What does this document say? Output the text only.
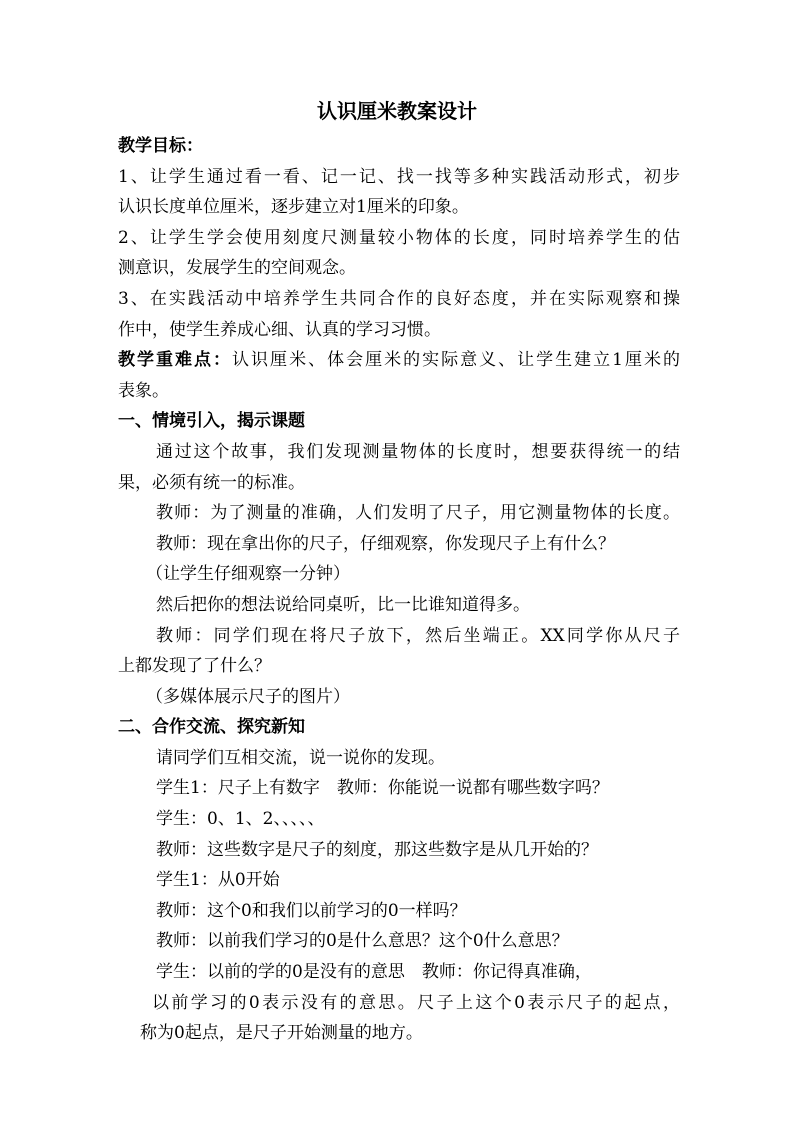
认识厘米教案设计
教学目标：
1、让学生通过看一看、记一记、找一找等多种实践活动形式，初步
认识长度单位厘米，逐步建立对1厘米的印象。
2、让学生学会使用刻度尺测量较小物体的长度，同时培养学生的估
测意识，发展学生的空间观念。
3、在实践活动中培养学生共同合作的良好态度，并在实际观察和操
作中，使学生养成心细、认真的学习习惯。
教学重难点：认识厘米、体会厘米的实际意义、让学生建立1厘米的
表象。
一、情境引入，揭示课题
通过这个故事，我们发现测量物体的长度时，想要获得统一的结
果，必须有统一的标准。
教师：为了测量的准确，人们发明了尺子，用它测量物体的长度。
教师：现在拿出你的尺子，仔细观察，你发现尺子上有什么？
（让学生仔细观察一分钟）
然后把你的想法说给同桌听，比一比谁知道得多。
教师：同学们现在将尺子放下，然后坐端正。XX同学你从尺子
上都发现了了什么？
（多媒体展示尺子的图片）
二、合作交流、探究新知
请同学们互相交流，说一说你的发现。
学生1：尺子上有数字　教师：你能说一说都有哪些数字吗？
学生：0、1、2、、、、、
教师：这些数字是尺子的刻度，那这些数字是从几开始的？
学生1：从0开始
教师：这个0和我们以前学习的0一样吗？
教师：以前我们学习的0是什么意思？这个0什么意思？
学生：以前的学的0是没有的意思　教师：你记得真准确，
以前学习的0表示没有的意思。尺子上这个0表示尺子的起点，
称为0起点，是尺子开始测量的地方。
